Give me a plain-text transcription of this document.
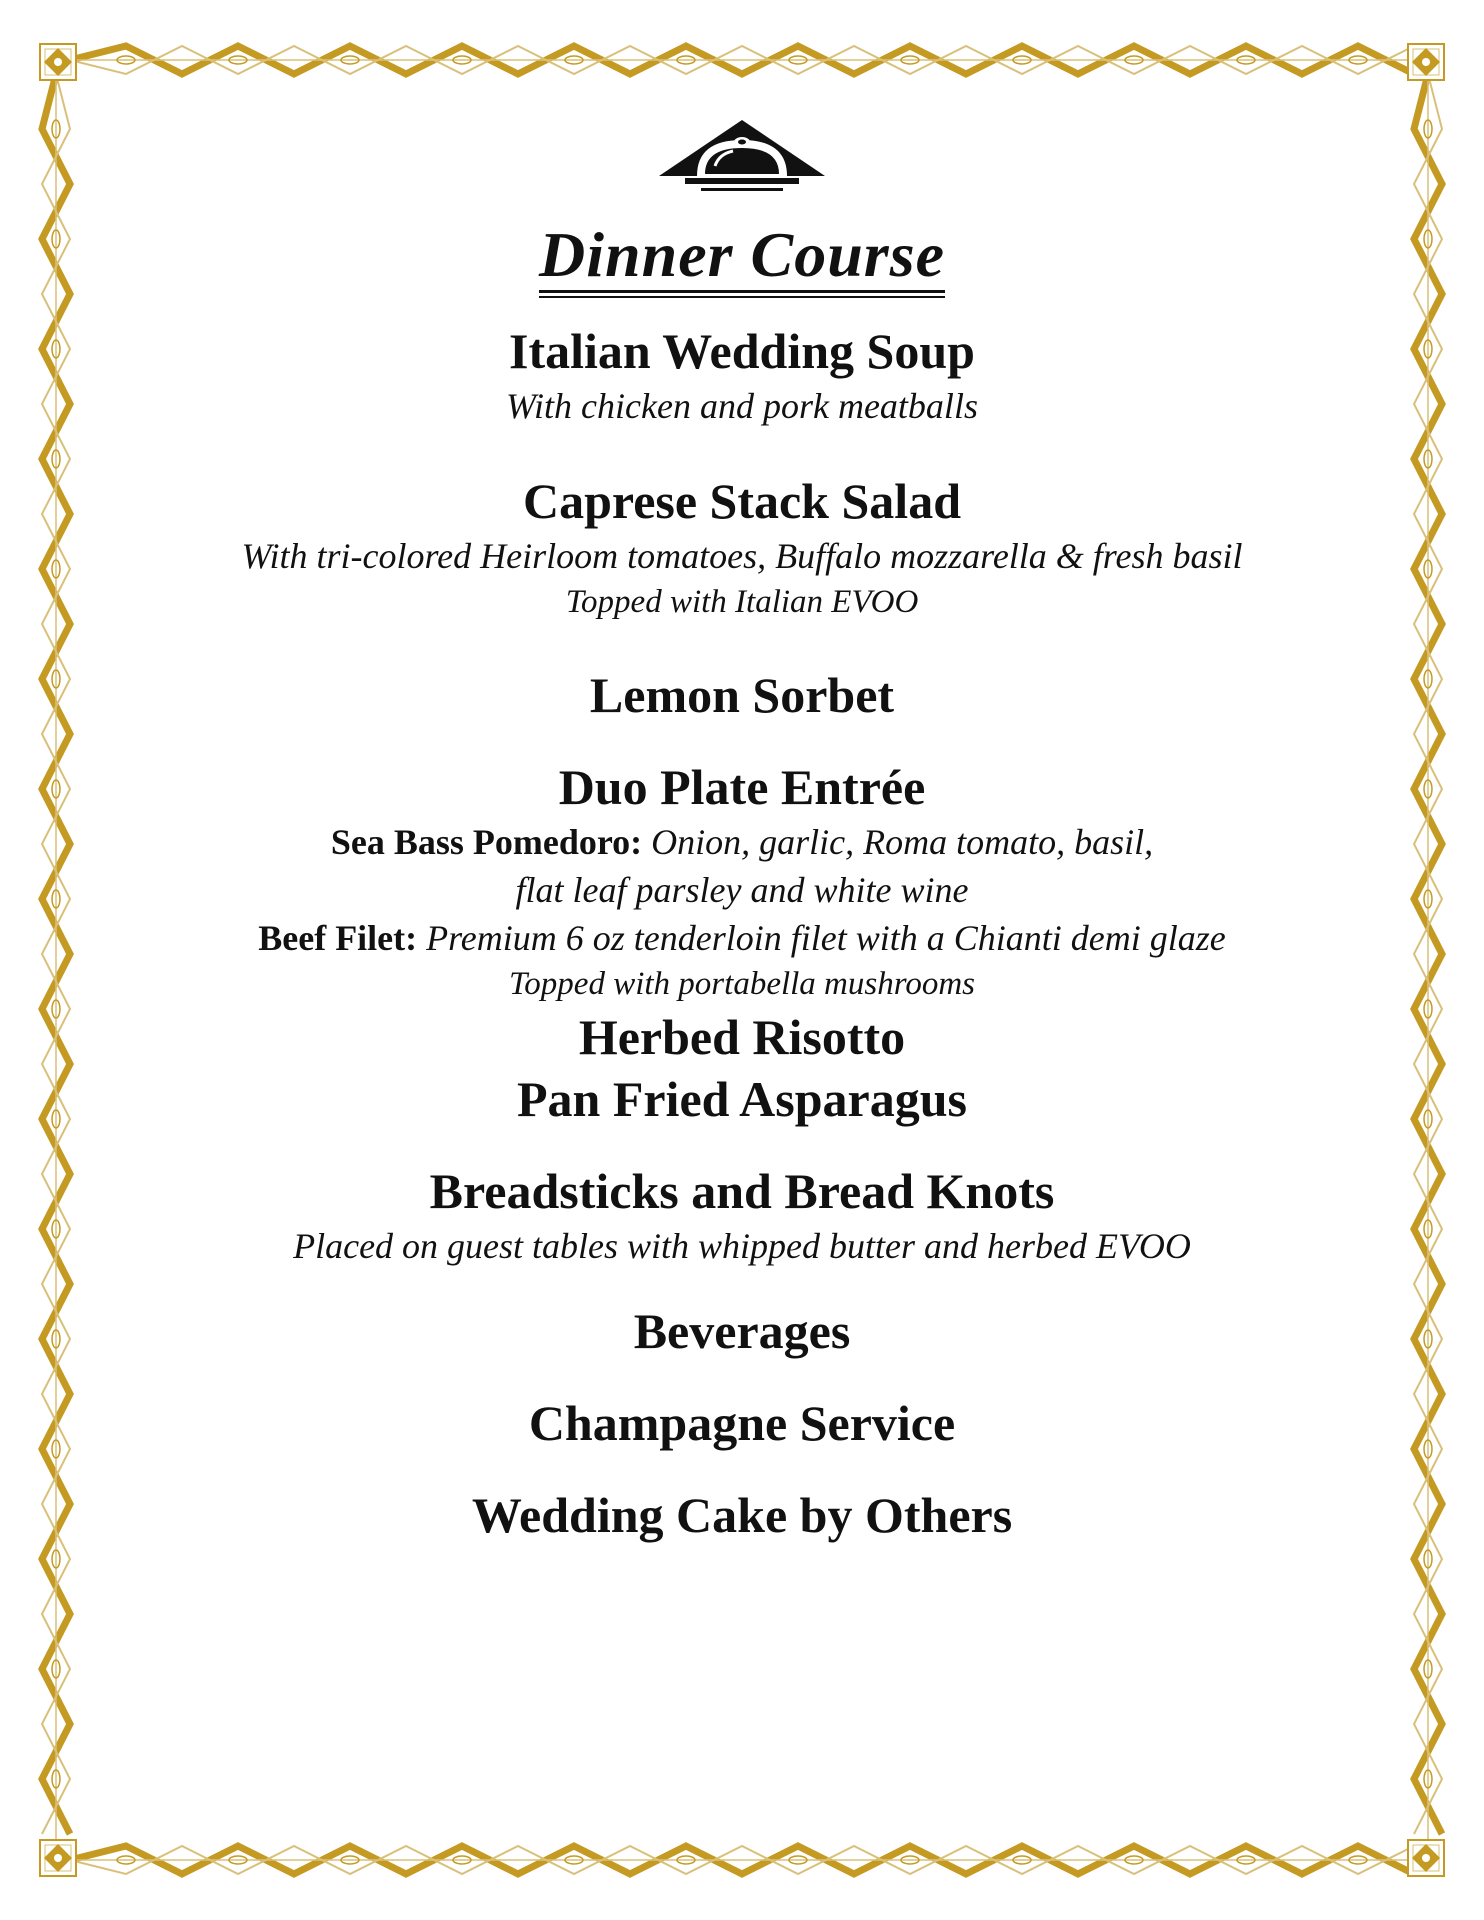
Dinner Course

Italian Wedding Soup

With chicken and pork meatballs

Caprese Stack Salad

With tri-colored Heirloom tomatoes, Buffalo mozzarella & fresh basil

Topped with Italian EVOO

Lemon Sorbet

Duo Plate Entrée

Sea Bass Pomedoro: Onion, garlic, Roma tomato, basil,

flat leaf parsley and white wine

Beef Filet: Premium 6 oz tenderloin filet with a Chianti demi glaze

Topped with portabella mushrooms

Herbed Risotto

Pan Fried Asparagus

Breadsticks and Bread Knots

Placed on guest tables with whipped butter and herbed EVOO

Beverages

Champagne Service

Wedding Cake by Others
